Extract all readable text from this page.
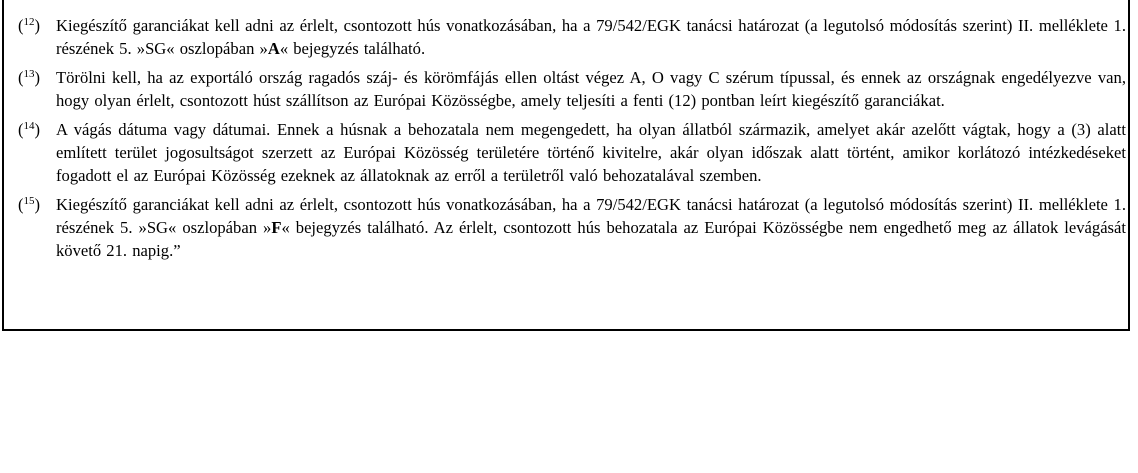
($^{12}$) Kiegészítő garanciákat kell adni az érlelt, csontozott hús vonatkozásában, ha a 79/542/EGK tanácsi határozat (a legutolsó módosítás szerint) II. melléklete 1. részének 5. »SG« oszlopában »A« bejegyzés található.
($^{13}$) Törölni kell, ha az exportáló ország ragadós száj- és körömfájás ellen oltást végez A, O vagy C szérum típussal, és ennek az országnak engedélyezve van, hogy olyan érlelt, csontozott húst szállítson az Európai Közösségbe, amely teljesíti a fenti (12) pontban leírt kiegészítő garanciákat.
($^{14}$) A vágás dátuma vagy dátumai. Ennek a húsnak a behozatala nem megengedett, ha olyan állatból származik, amelyet akár azelőtt vágtak, hogy a (3) alatt említett terület jogosultságot szerzett az Európai Közösség területére történő kivitelre, akár olyan időszak alatt történt, amikor korlátozó intézkedéseket fogadott el az Európai Közösség ezeknek az állatoknak az erről a területről való behozatalával szemben.
($^{15}$) Kiegészítő garanciákat kell adni az érlelt, csontozott hús vonatkozásában, ha a 79/542/EGK tanácsi határozat (a legutolsó módosítás szerint) II. melléklete 1. részének 5. »SG« oszlopában »F« bejegyzés található. Az érlelt, csontozott hús behozatala az Európai Közösségbe nem engedhető meg az állatok levágását követő 21. napig.”
